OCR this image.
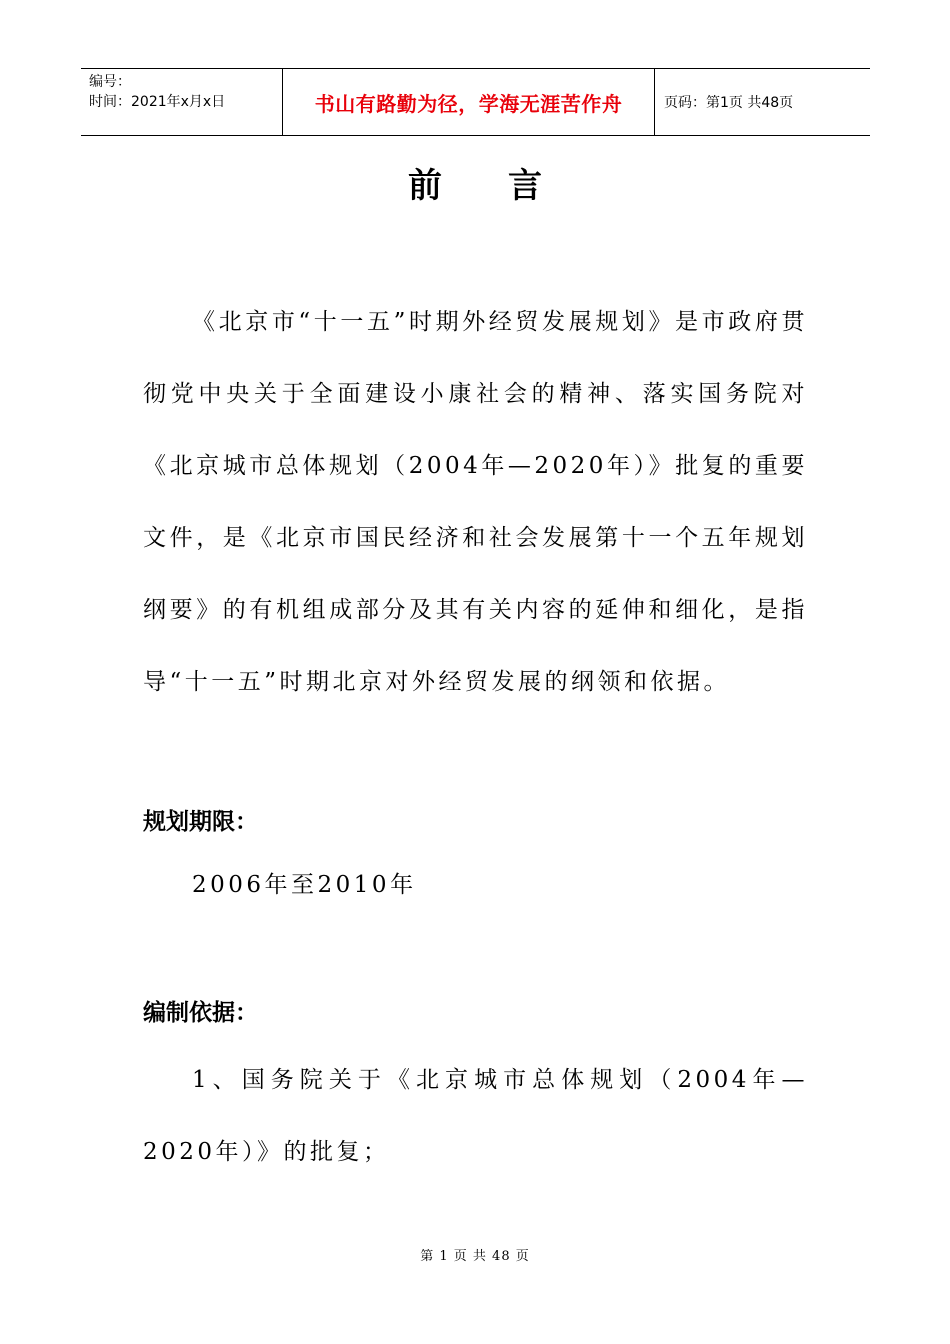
编号：
时间：2021年x月x日	书山有路勤为径，学海无涯苦作舟	页码：第1页 共48页
前言

《北京市“十一五”时期外经贸发展规划》是市政府贯彻党中央关于全面建设小康社会的精神、落实国务院对《北京城市总体规划（2004年—2020年）》批复的重要文件，是《北京市国民经济和社会发展第十一个五年规划纲要》的有机组成部分及其有关内容的延伸和细化，是指导“十一五”时期北京对外经贸发展的纲领和依据。

规划期限：
2006年至2010年
编制依据：

1、国务院关于《北京城市总体规划（2004年—2020年）》的批复；

第 1 页 共 48 页
